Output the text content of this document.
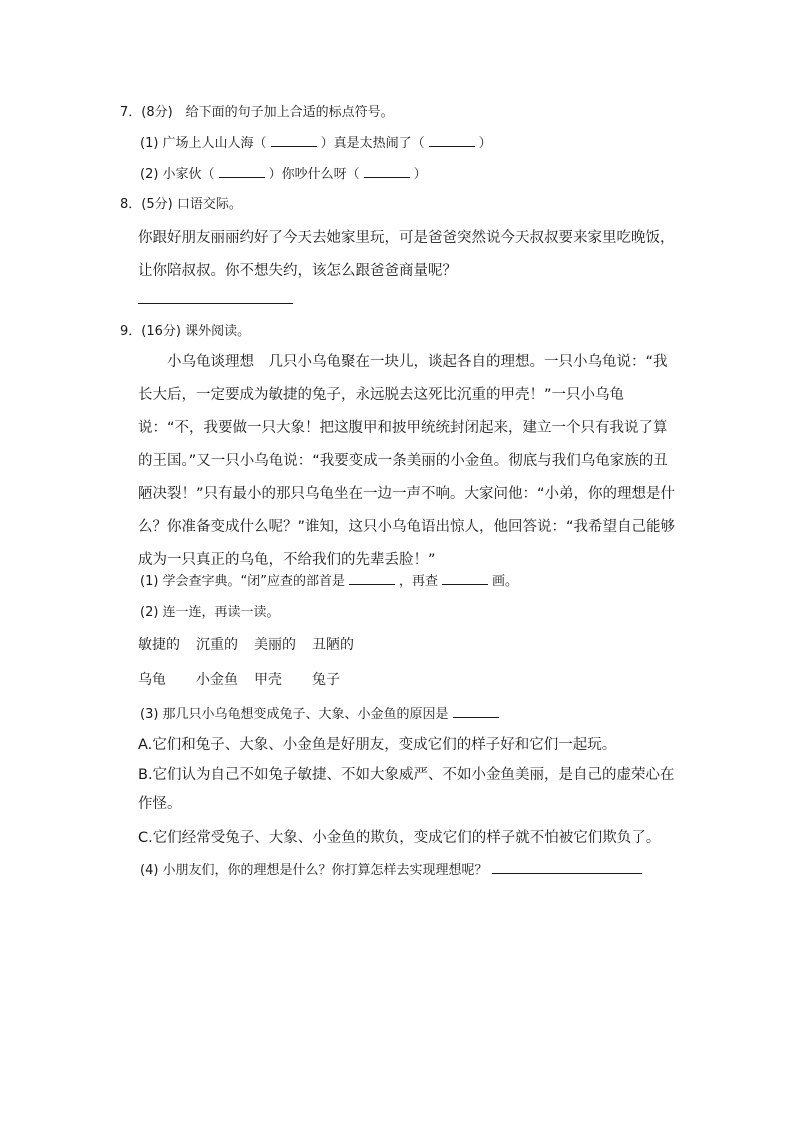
7．(8分)　给下面的句子加上合适的标点符号。
(1) 广场上人山人海（	）真是太热闹了（	）
(2) 小家伙（	）你吵什么呀（	）
8．(5分) 口语交际。
你跟好朋友丽丽约好了今天去她家里玩，可是爸爸突然说今天叔叔要来家里吃晚饭，让你陪叔叔。你不想失约，该怎么跟爸爸商量呢？
9．(16分) 课外阅读。
小乌龟谈理想　几只小乌龟聚在一块儿，谈起各自的理想。一只小乌龟说：“我长大后，一定要成为敏捷的兔子，永远脱去这死比沉重的甲壳！”一只小乌龟说：“不，我要做一只大象！把这腹甲和披甲统统封闭起来，建立一个只有我说了算的王国。”又一只小乌龟说：“我要变成一条美丽的小金鱼。彻底与我们乌龟家族的丑陋决裂！”只有最小的那只乌龟坐在一边一声不响。大家问他：“小弟，你的理想是什么？你准备变成什么呢？”谁知，这只小乌龟语出惊人，他回答说：“我希望自己能够成为一只真正的乌龟，不给我们的先辈丢脸！”
(1) 学会查字典。“闭”应查的部首是	，再查	画。
(2) 连一连，再读一读。
敏捷的 沉重的 美丽的 丑陋的
乌龟 小金鱼 甲壳 兔子
(3) 那几只小乌龟想变成兔子、大象、小金鱼的原因是
A.它们和兔子、大象、小金鱼是好朋友，变成它们的样子好和它们一起玩。
B.它们认为自己不如兔子敏捷、不如大象威严、不如小金鱼美丽，是自己的虚荣心在作怪。
C.它们经常受兔子、大象、小金鱼的欺负，变成它们的样子就不怕被它们欺负了。
(4) 小朋友们，你的理想是什么？你打算怎样去实现理想呢？
